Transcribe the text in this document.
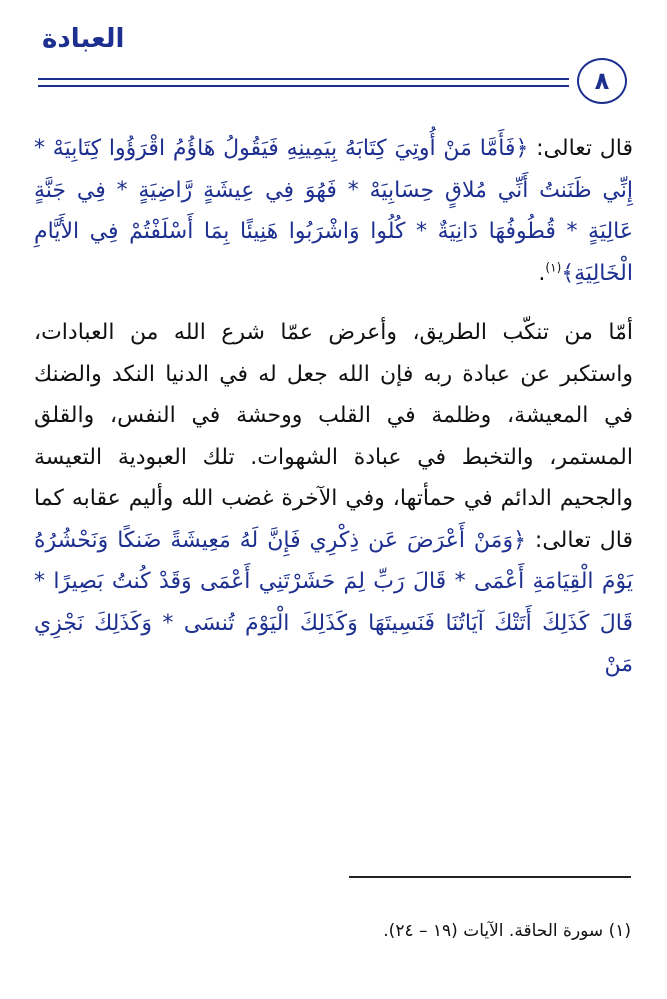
العبادة
٨

قال تعالى: ﴿فَأَمَّا مَنْ أُوتِيَ كِتَابَهُ بِيَمِينِهِ فَيَقُولُ هَاؤُمُ اقْرَؤُوا كِتَابِيَهْ * إِنِّي ظَنَنتُ أَنِّي مُلاقٍ حِسَابِيَهْ * فَهُوَ فِي عِيشَةٍ رَّاضِيَةٍ * فِي جَنَّةٍ عَالِيَةٍ * قُطُوفُهَا دَانِيَةٌ * كُلُوا وَاشْرَبُوا هَنِيئًا بِمَا أَسْلَفْتُمْ فِي الأَيَّامِ الْخَالِيَةِ﴾$^{(١)}$.

أمّا من تنكّب الطريق، وأعرض عمّا شرع الله من العبادات، واستكبر عن عبادة ربه فإن الله جعل له في الدنيا النكد والضنك في المعيشة، وظلمة في القلب ووحشة في النفس، والقلق المستمر، والتخبط في عبادة الشهوات. تلك العبودية التعيسة والجحيم الدائم في حمأتها، وفي الآخرة غضب الله وأليم عقابه كما قال تعالى: ﴿وَمَنْ أَعْرَضَ عَن ذِكْرِي فَإِنَّ لَهُ مَعِيشَةً ضَنكًا وَنَحْشُرُهُ يَوْمَ الْقِيَامَةِ أَعْمَى * قَالَ رَبِّ لِمَ حَشَرْتَنِي أَعْمَى وَقَدْ كُنتُ بَصِيرًا * قَالَ كَذَلِكَ أَتَتْكَ آيَاتُنَا فَنَسِيتَهَا وَكَذَلِكَ الْيَوْمَ تُنسَى * وَكَذَلِكَ نَجْزِي مَنْ

(١) سورة الحاقة. الآيات (١٩ – ٢٤).
